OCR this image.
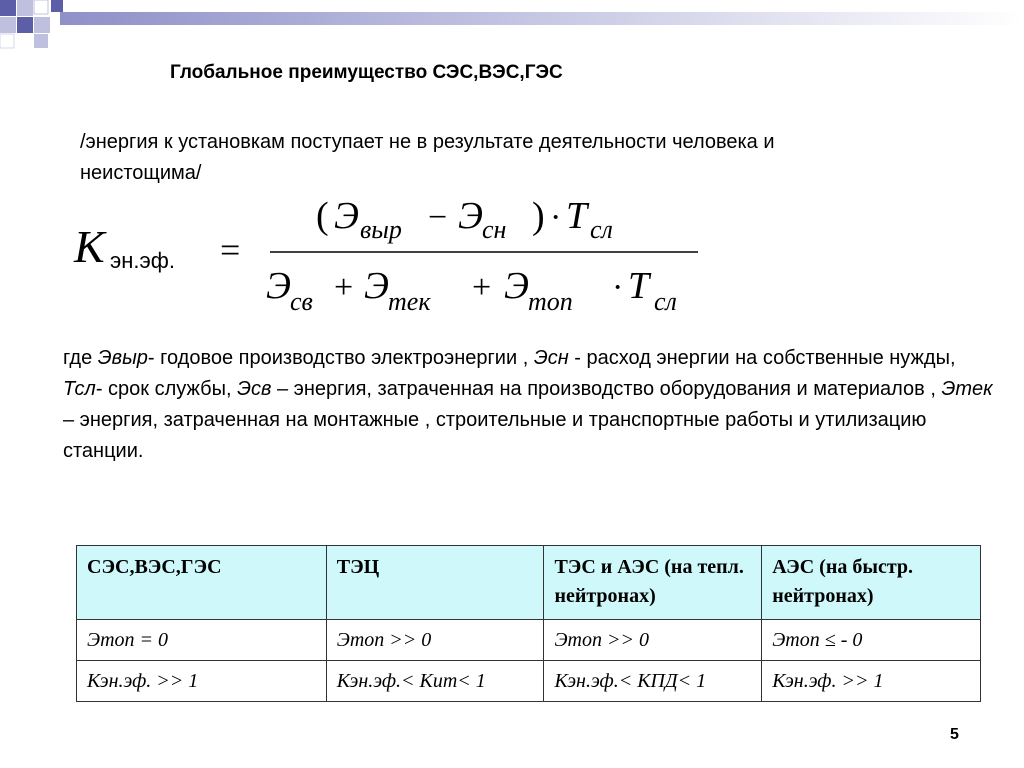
Глобальное преимущество СЭС,ВЭС,ГЭС
/энергия к установкам поступает не в результате деятельности человека и неистощима/
K эн.эф. =
( Э выр − Э сн ) · T сл
Э св + Э тек + Э топ · T сл
где Эвыр- годовое производство электроэнергии , Эсн - расход энергии на собственные нужды, Тсл- срок службы, Эсв – энергия, затраченная на производство оборудования и материалов , Этек – энергия, затраченная на монтажные , строительные и транспортные работы и утилизацию станции.
СЭС,ВЭС,ГЭС	ТЭЦ	ТЭС и АЭС (на тепл. нейтронах)	АЭС (на быстр. нейтронах)
Этоп = 0	Этоп >> 0	Этоп >> 0	Этоп ≤ - 0
Кэн.эф. >> 1	Кэн.эф.< Кит< 1	Кэн.эф.< КПД< 1	Кэн.эф. >> 1
5
